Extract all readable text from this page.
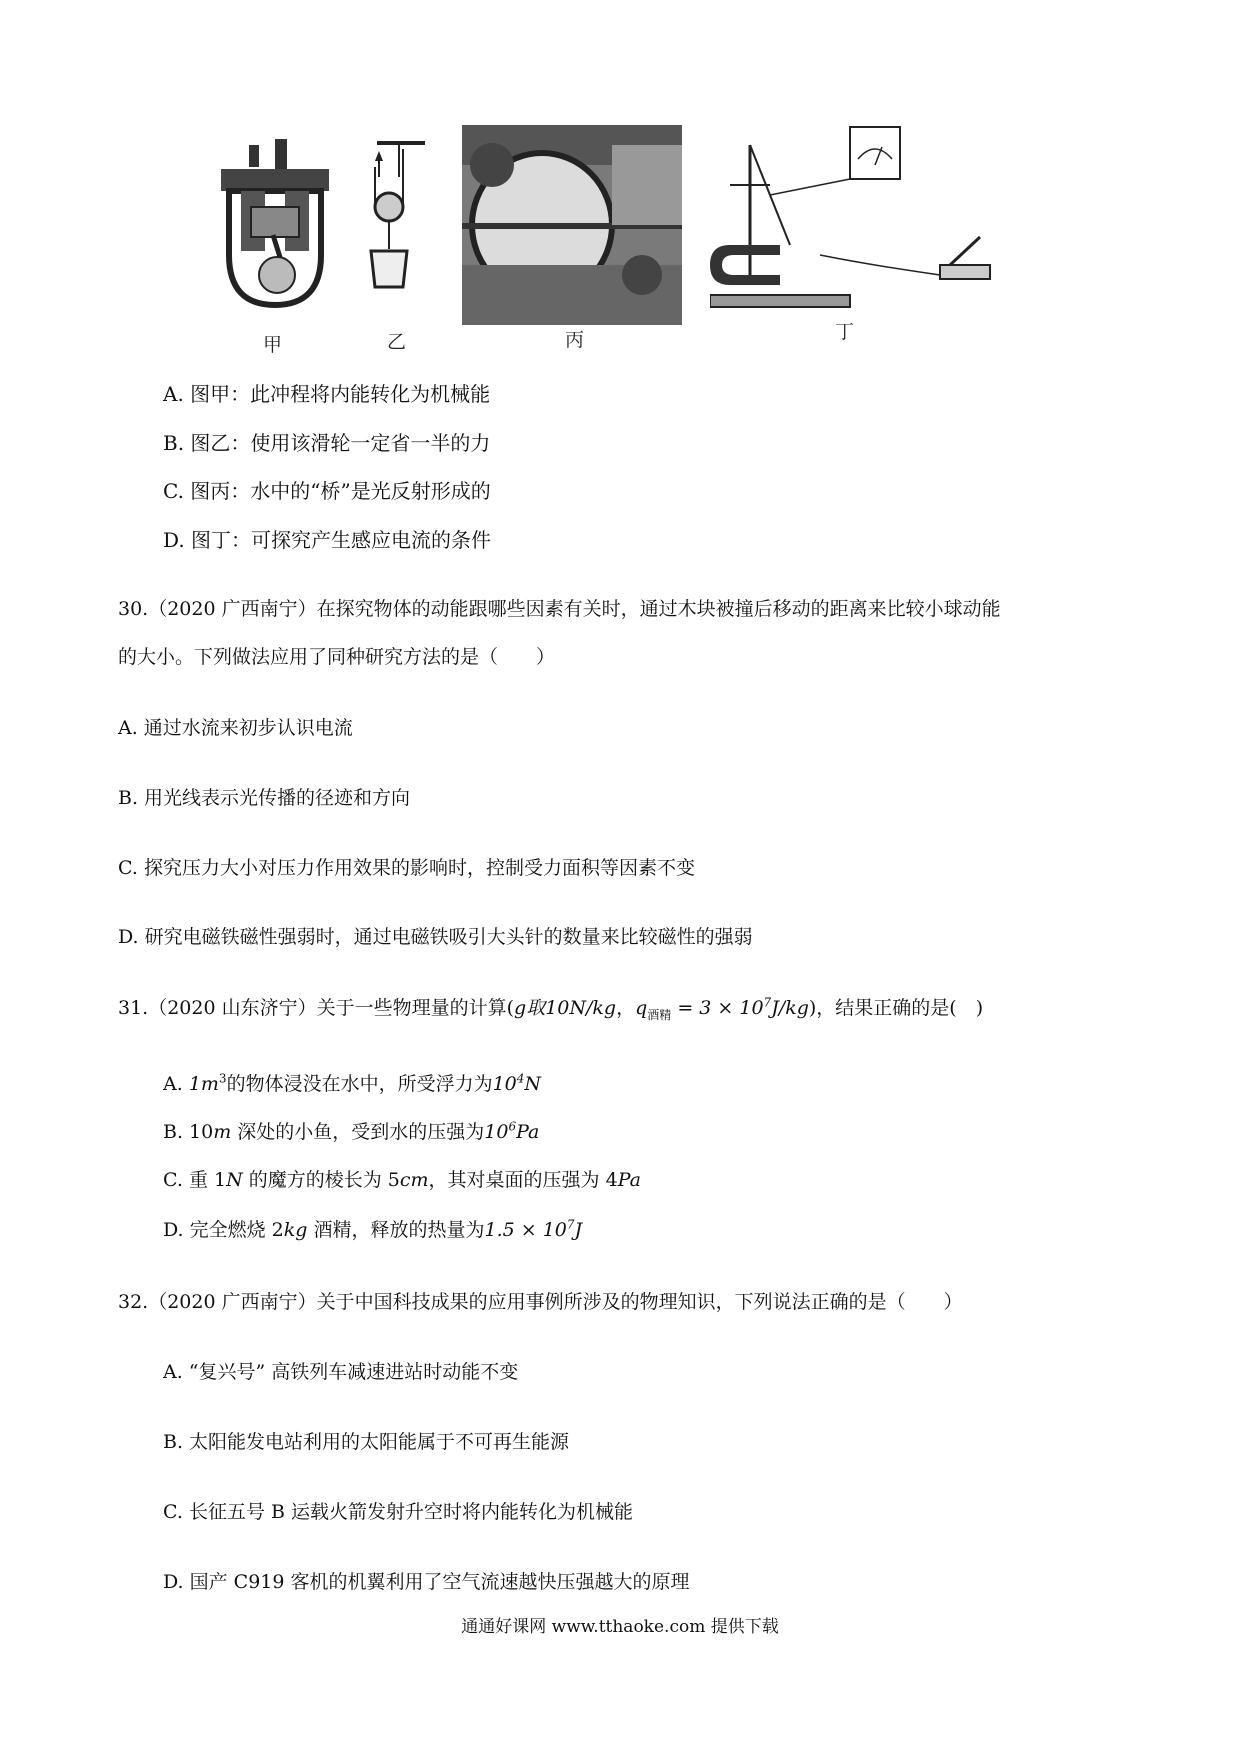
甲	乙	丙	丁
A. 图甲：此冲程将内能转化为机械能
B. 图乙：使用该滑轮一定省一半的力
C. 图丙：水中的“桥”是光反射形成的
D. 图丁：可探究产生感应电流的条件
30.（2020 广西南宁）在探究物体的动能跟哪些因素有关时，通过木块被撞后移动的距离来比较小球动能
的大小。下列做法应用了同种研究方法的是（　　）
A. 通过水流来初步认识电流
B. 用光线表示光传播的径迹和方向
C. 探究压力大小对压力作用效果的影响时，控制受力面积等因素不变
D. 研究电磁铁磁性强弱时，通过电磁铁吸引大头针的数量来比较磁性的强弱
31.（2020 山东济宁）关于一些物理量的计算(g取10N/kg，$q_{酒精} = 3 \times 10^7J/kg$)，结果正确的是(　)
A. $1m^3$的物体浸没在水中，所受浮力为$10^4N$
B. 10m 深处的小鱼，受到水的压强为$10^6Pa$
C. 重 1N 的魔方的棱长为 5cm，其对桌面的压强为 4Pa
D. 完全燃烧 2kg 酒精，释放的热量为$1.5 \times 10^7J$
32.（2020 广西南宁）关于中国科技成果的应用事例所涉及的物理知识，下列说法正确的是（　　）
A. “复兴号” 高铁列车减速进站时动能不变
B. 太阳能发电站利用的太阳能属于不可再生能源
C. 长征五号 B 运载火箭发射升空时将内能转化为机械能
D. 国产 C919 客机的机翼利用了空气流速越快压强越大的原理
通通好课网 www.tthaoke.com 提供下载
